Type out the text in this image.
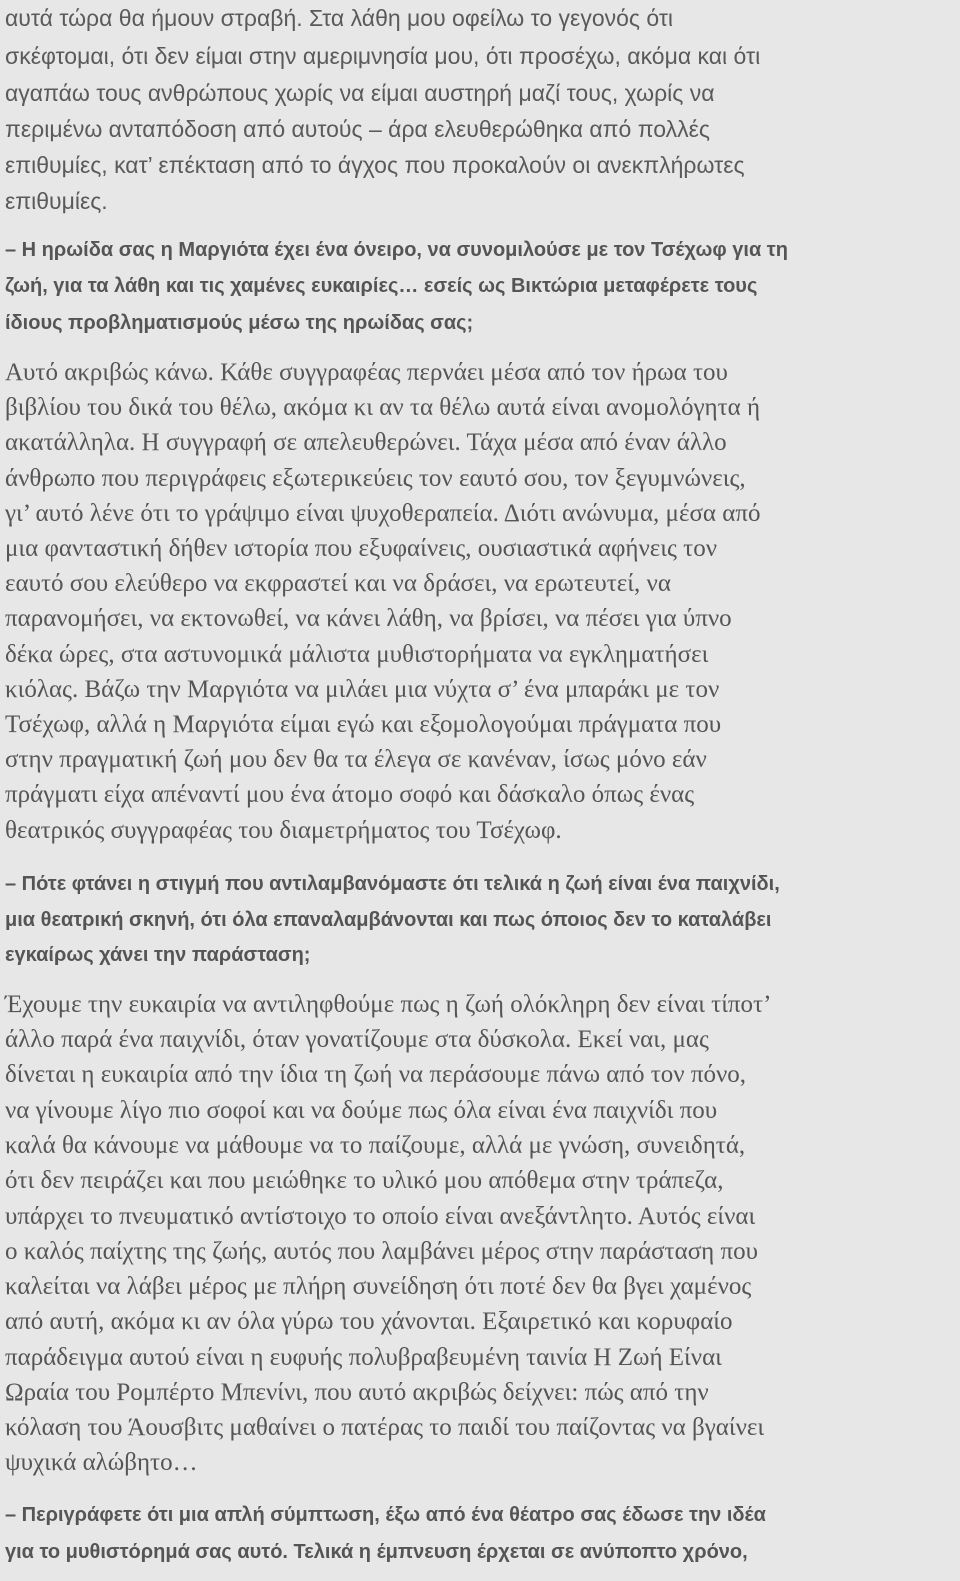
αυτά τώρα θα ήμουν στραβή. Στα λάθη μου οφείλω το γεγονός ότι
σκέφτομαι, ότι δεν είμαι στην αμεριμνησία μου, ότι προσέχω, ακόμα και ότι
αγαπάω τους ανθρώπους χωρίς να είμαι αυστηρή μαζί τους, χωρίς να
περιμένω ανταπόδοση από αυτούς – άρα ελευθερώθηκα από πολλές
επιθυμίες, κατ’ επέκταση από το άγχος που προκαλούν οι ανεκπλήρωτες
επιθυμίες.
– Η ηρωίδα σας η Μαργιότα έχει ένα όνειρο, να συνομιλούσε με τον Τσέχωφ για τη
ζωή, για τα λάθη και τις χαμένες ευκαιρίες… εσείς ως Βικτώρια μεταφέρετε τους
ίδιους προβληματισμούς μέσω της ηρωίδας σας;
Αυτό ακριβώς κάνω. Κάθε συγγραφέας περνάει μέσα από τον ήρωα του
βιβλίου του δικά του θέλω, ακόμα κι αν τα θέλω αυτά είναι ανομολόγητα ή
ακατάλληλα. Η συγγραφή σε απελευθερώνει. Τάχα μέσα από έναν άλλο
άνθρωπο που περιγράφεις εξωτερικεύεις τον εαυτό σου, τον ξεγυμνώνεις,
γι’ αυτό λένε ότι το γράψιμο είναι ψυχοθεραπεία. Διότι ανώνυμα, μέσα από
μια φανταστική δήθεν ιστορία που εξυφαίνεις, ουσιαστικά αφήνεις τον
εαυτό σου ελεύθερο να εκφραστεί και να δράσει, να ερωτευτεί, να
παρανομήσει, να εκτονωθεί, να κάνει λάθη, να βρίσει, να πέσει για ύπνο
δέκα ώρες, στα αστυνομικά μάλιστα μυθιστορήματα να εγκληματήσει
κιόλας. Βάζω την Μαργιότα να μιλάει μια νύχτα σ’ ένα μπαράκι με τον
Τσέχωφ, αλλά η Μαργιότα είμαι εγώ και εξομολογούμαι πράγματα που
στην πραγματική ζωή μου δεν θα τα έλεγα σε κανέναν, ίσως μόνο εάν
πράγματι είχα απέναντί μου ένα άτομο σοφό και δάσκαλο όπως ένας
θεατρικός συγγραφέας του διαμετρήματος του Τσέχωφ.
– Πότε φτάνει η στιγμή που αντιλαμβανόμαστε ότι τελικά η ζωή είναι ένα παιχνίδι,
μια θεατρική σκηνή, ότι όλα επαναλαμβάνονται και πως όποιος δεν το καταλάβει
εγκαίρως χάνει την παράσταση;
Έχουμε την ευκαιρία να αντιληφθούμε πως η ζωή ολόκληρη δεν είναι τίποτ’
άλλο παρά ένα παιχνίδι, όταν γονατίζουμε στα δύσκολα. Εκεί ναι, μας
δίνεται η ευκαιρία από την ίδια τη ζωή να περάσουμε πάνω από τον πόνο,
να γίνουμε λίγο πιο σοφοί και να δούμε πως όλα είναι ένα παιχνίδι που
καλά θα κάνουμε να μάθουμε να το παίζουμε, αλλά με γνώση, συνειδητά,
ότι δεν πειράζει και που μειώθηκε το υλικό μου απόθεμα στην τράπεζα,
υπάρχει το πνευματικό αντίστοιχο το οποίο είναι ανεξάντλητο. Αυτός είναι
ο καλός παίχτης της ζωής, αυτός που λαμβάνει μέρος στην παράσταση που
καλείται να λάβει μέρος με πλήρη συνείδηση ότι ποτέ δεν θα βγει χαμένος
από αυτή, ακόμα κι αν όλα γύρω του χάνονται. Εξαιρετικό και κορυφαίο
παράδειγμα αυτού είναι η ευφυής πολυβραβευμένη ταινία Η Ζωή Είναι
Ωραία του Ρομπέρτο Μπενίνι, που αυτό ακριβώς δείχνει: πώς από την
κόλαση του Άουσβιτς μαθαίνει ο πατέρας το παιδί του παίζοντας να βγαίνει
ψυχικά αλώβητο…
– Περιγράφετε ότι μια απλή σύμπτωση, έξω από ένα θέατρο σας έδωσε την ιδέα
για το μυθιστόρημά σας αυτό. Τελικά η έμπνευση έρχεται σε ανύποπτο χρόνο,
